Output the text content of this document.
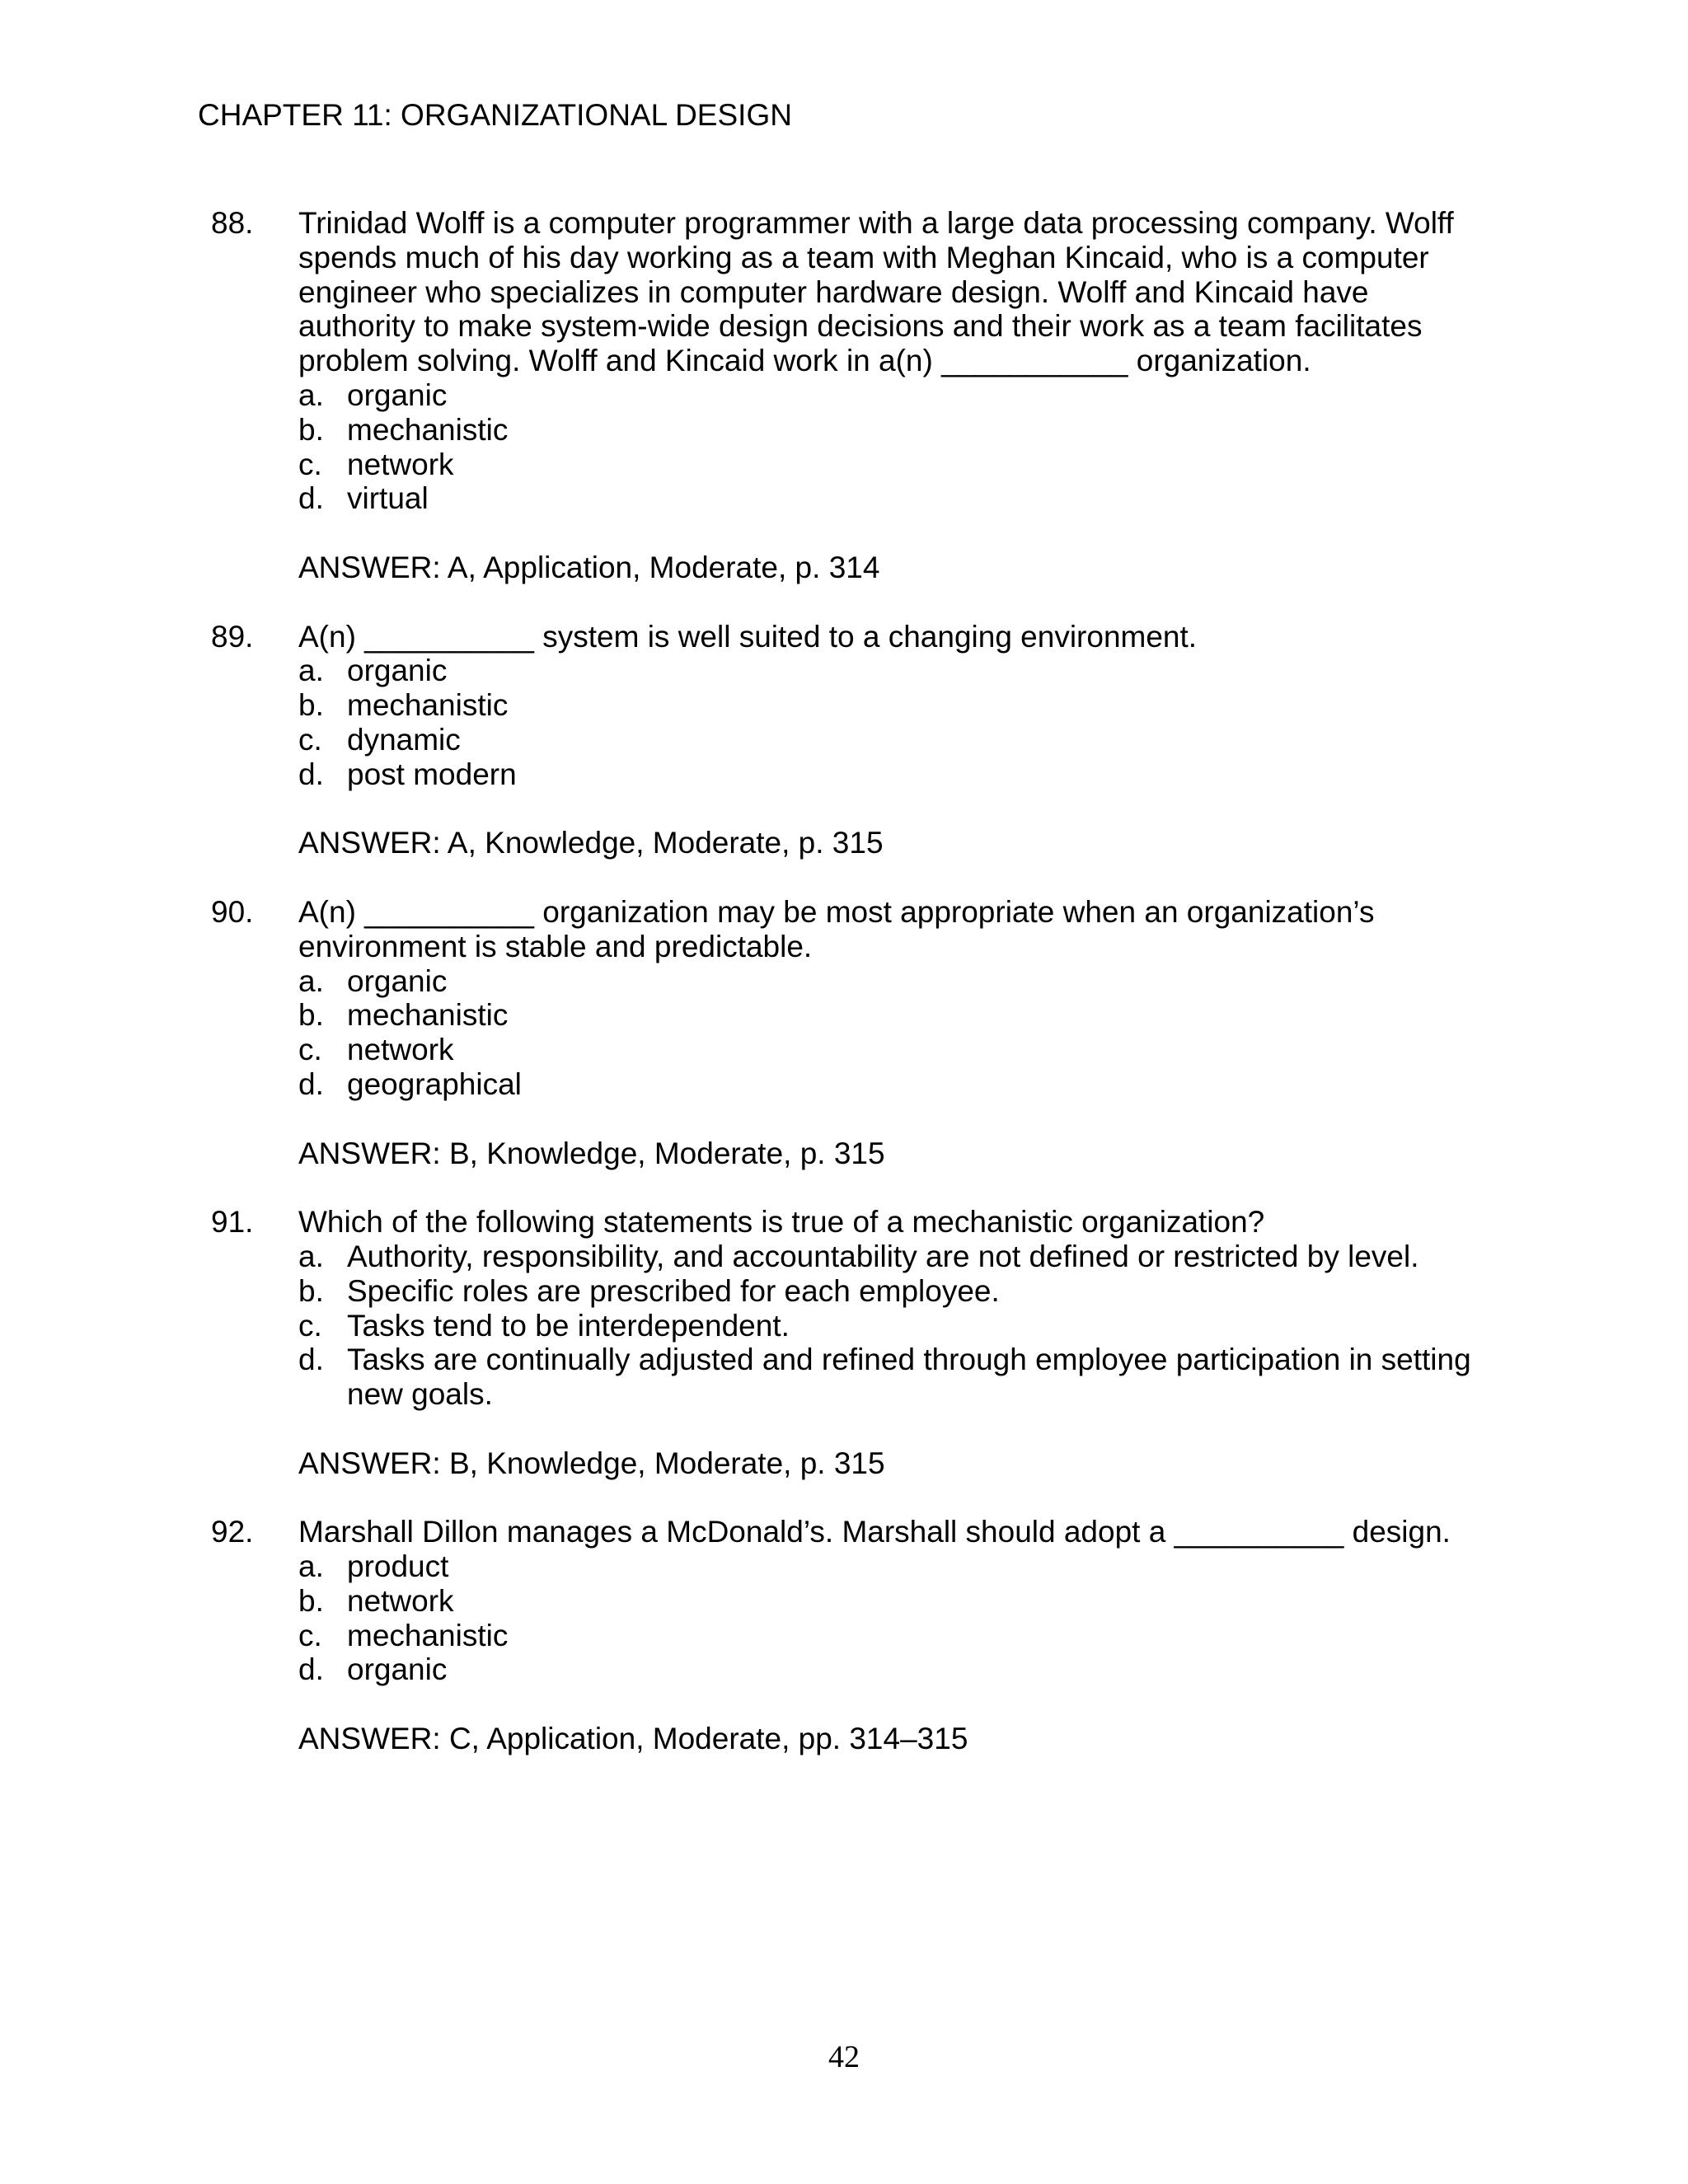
CHAPTER 11: ORGANIZATIONAL DESIGN
88. Trinidad Wolff is a computer programmer with a large data processing company. Wolff
spends much of his day working as a team with Meghan Kincaid, who is a computer
engineer who specializes in computer hardware design. Wolff and Kincaid have
authority to make system-wide design decisions and their work as a team facilitates
problem solving. Wolff and Kincaid work in a(n) ___________ organization.
a. organic
b. mechanistic
c. network
d. virtual
ANSWER: A, Application, Moderate, p. 314
89. A(n) __________ system is well suited to a changing environment.
a. organic
b. mechanistic
c. dynamic
d. post modern
ANSWER: A, Knowledge, Moderate, p. 315
90. A(n) __________ organization may be most appropriate when an organization’s
environment is stable and predictable.
a. organic
b. mechanistic
c. network
d. geographical
ANSWER: B, Knowledge, Moderate, p. 315
91. Which of the following statements is true of a mechanistic organization?
a. Authority, responsibility, and accountability are not defined or restricted by level.
b. Specific roles are prescribed for each employee.
c. Tasks tend to be interdependent.
d. Tasks are continually adjusted and refined through employee participation in setting
new goals.
ANSWER: B, Knowledge, Moderate, p. 315
92. Marshall Dillon manages a McDonald’s. Marshall should adopt a __________ design.
a. product
b. network
c. mechanistic
d. organic
ANSWER: C, Application, Moderate, pp. 314–315
42
